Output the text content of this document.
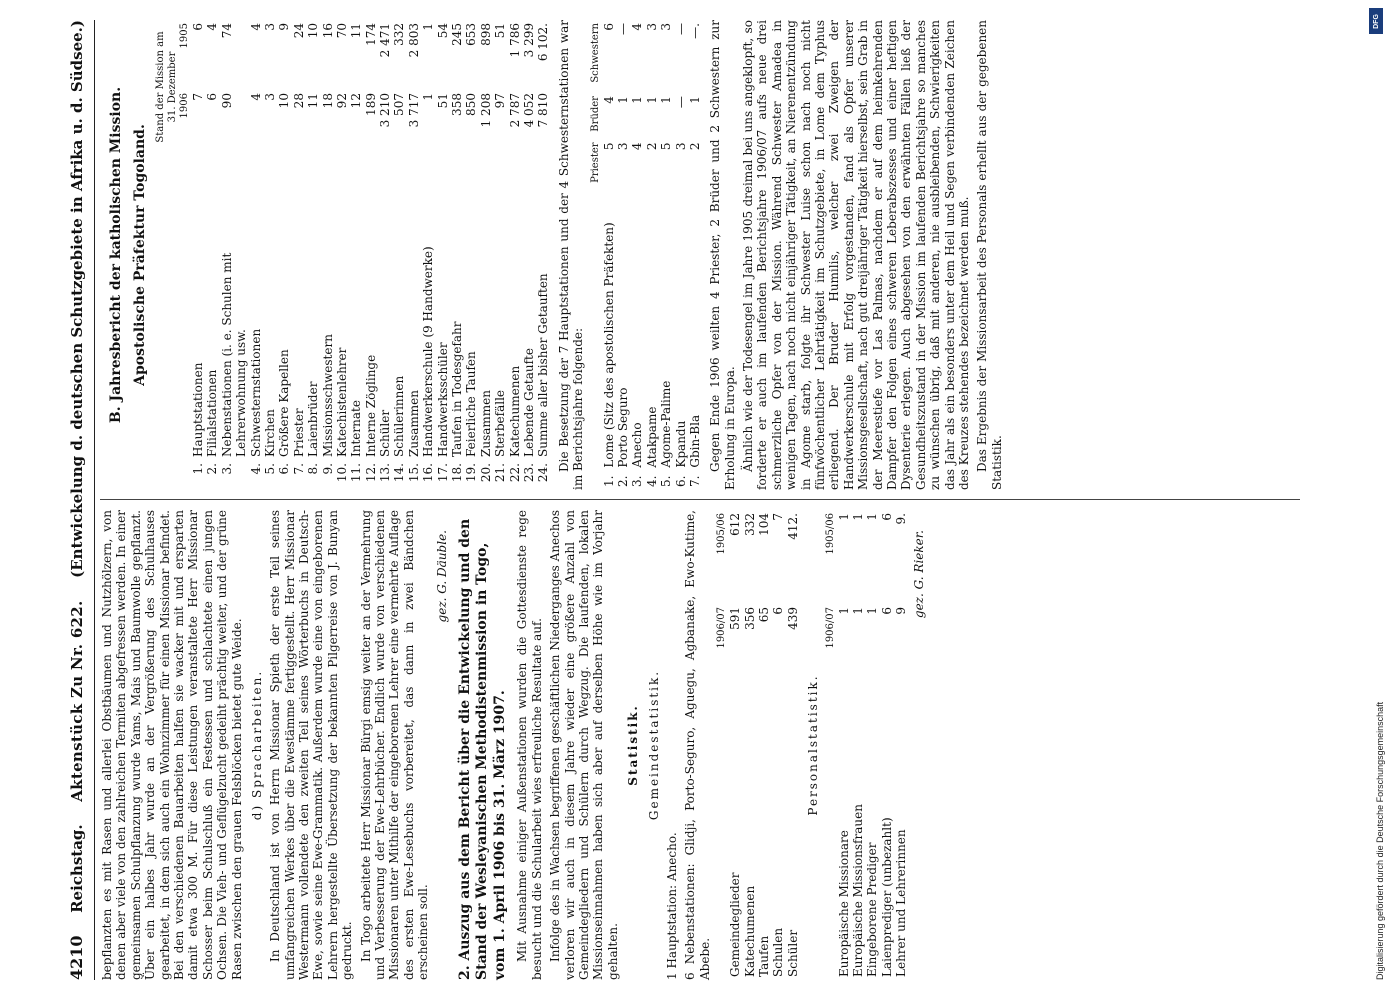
4210
Reichstag.
Aktenstück Zu Nr. 622.
(Entwickelung d. deutschen Schutzgebiete in Afrika u. d. Südsee.)

bepflanzten es mit Rasen und allerlei Obstbäumen und Nutzhölzern, von denen aber viele von den zahlreichen Termiten abgefressen werden. In einer gemeinsamen Schulpflanzung wurde Yams, Mais und Baumwolle gepflanzt. Über ein halbes Jahr wurde an der Vergrößerung des Schulhauses gearbeitet, in dem sich auch ein Wohnzimmer für einen Missionar befindet. Bei den verschiedenen Bauarbeiten halfen sie wacker mit und ersparten damit etwa 300 M. Für diese Leistungen veranstaltete Herr Missionar Schosser beim Schulschluß ein Festessen und schlachtete einen jungen Ochsen. Die Vieh- und Geflügelzucht gedeiht prächtig weiter, und der grüne Rasen zwischen den grauen Felsblöcken bietet gute Weide. d) Spracharbeiten. In Deutschland ist von Herrn Missionar Spieth der erste Teil seines umfangreichen Werkes über die Ewestämme fertiggestellt. Herr Missionar Westermann vollendete den zweiten Teil seines Wörterbuchs in Deutsch-Ewe, sowie seine Ewe-Grammatik. Außerdem wurde eine von eingeborenen Lehrern hergestellte Übersetzung der bekannten Pilgerreise von J. Bunyan gedruckt. In Togo arbeitete Herr Missionar Bürgi emsig weiter an der Vermehrung und Verbesserung der Ewe-Lehrbücher. Endlich wurde von verschiedenen Missionaren unter Mithilfe der eingeborenen Lehrer eine vermehrte Auflage des ersten Ewe-Lesebuchs vorbereitet, das dann in zwei Bändchen erscheinen soll.

gez. G. Däuble. 2. Auszug aus dem Bericht über die Entwickelung und den Stand der Wesleyanischen Methodistenmission in Togo, vom 1. April 1906 bis 31. März 1907. Mit Ausnahme einiger Außenstationen wurden die Gottesdienste rege besucht und die Schularbeit wies erfreuliche Resultate auf. Infolge des in Wachsen begriffenen geschäftlichen Niederganges Anechos verloren wir auch in diesem Jahre wieder eine größere Anzahl von Gemeindegliedern und Schülern durch Wegzug. Die laufenden, lokalen Missionseinnahmen haben sich aber auf derselben Höhe wie im Vorjahr gehalten.

Statistik. Gemeindestatistik.

1 Hauptstation: Anecho. 6 Nebenstationen: Glidji, Porto-Seguro, Aguegu, Agbanake, Ewo-Kutime, Abebe.

	1906/07	1905/06
Gemeindeglieder	591	612
Katechumenen	356	332
Taufen	65	104
Schulen	6	7
Schüler	439	412.

Personalstatistik.

	1906/07	1905/06
Europäische Missionare	1	1
Europäische Missionsfrauen	1	1
Eingeborene Prediger	1	1
Laienprediger (unbezahlt)	6	6
Lehrer und Lehrerinnen	9	9.

gez. G. Rieker.

B. Jahresbericht der katholischen Mission. Apostolische Präfektur Togoland.

		Stand der Mission am 31. Dezember	
		1906	1905
1.	Hauptstationen	7	6
2.	Filialstationen	6	4
3.	Nebenstationen (i. e. Schulen mit Lehrerwohnung usw.	90	74
4.	Schwesternstationen	4	4
5.	Kirchen	3	3
6.	Größere Kapellen	10	9
7.	Priester	28	24
8.	Laienbrüder	11	10
9.	Missionsschwestern	18	16
10.	Katechistenlehrer	92	70
11.	Internate	12	11
12.	Interne Zöglinge	189	174
13.	Schüler	3 210	2 471
14.	Schülerinnen	507	332
15.	Zusammen	3 717	2 803
16.	Handwerkerschule (9 Handwerke)	1	1
17.	Handwerksschüler	51	54
18.	Taufen in Todesgefahr	358	245
19.	Feierliche Taufen	850	653
20.	Zusammen	1 208	898
21.	Sterbefälle	97	51
22.	Katechumenen	2 787	1 786
23.	Lebende Getaufte	4 052	3 299
24.	Summe aller bisher Getauften	7 810	6 102. Die Besetzung der 7 Hauptstationen und der 4 Schwesternstationen war im Berichtsjahre folgende:

		Priester	Brüder	Schwestern
1.	Lome (Sitz des apostolischen Präfekten)	5	4	6
2.	Porto Seguro	3	1	—
3.	Anecho	4	1	4
4.	Atakpame	2	1	3
5.	Agome-Palime	5	1	3
6.	Kpandu	3	—	—
7.	Gbin-Bla	2	1	—. Gegen Ende 1906 weilten 4 Priester, 2 Brüder und 2 Schwestern zur Erholung in Europa. Ähnlich wie der Todesengel im Jahre 1905 dreimal bei uns angeklopft, so forderte er auch im laufenden Berichtsjahre 1906/07 aufs neue drei schmerzliche Opfer von der Mission. Während Schwester Amadea in wenigen Tagen, nach noch nicht einjähriger Tätigkeit, an Nierenentzündung in Agome starb, folgte ihr Schwester Luise schon nach noch nicht fünfwöchentlicher Lehrtätigkeit im Schutzgebiete, in Lome dem Typhus erliegend. Der Bruder Humilis, welcher zwei Zweigen der Handwerkerschule mit Erfolg vorgestanden, fand als Opfer unserer Missionsgesellschaft, nach gut dreijähriger Tätigkeit hierselbst, sein Grab in der Meerestiefe vor Las Palmas, nachdem er auf dem heimkehrenden Dampfer den Folgen eines schweren Leberabszesses und einer heftigen Dysenterie erlegen. Auch abgesehen von den erwähnten Fällen ließ der Gesundheitszustand in der Mission im laufenden Berichtsjahre so manches zu wünschen übrig, daß mit anderen, nie ausbleibenden, Schwierigkeiten das Jahr als ein besonders unter dem Heil und Segen verbindenden Zeichen des Kreuzes stehendes bezeichnet werden muß. Das Ergebnis der Missionsarbeit des Personals erhellt aus der gegebenen Statistik.

Digitalisierung gefördert durch die Deutsche Forschungsgemeinschaft
DFG
